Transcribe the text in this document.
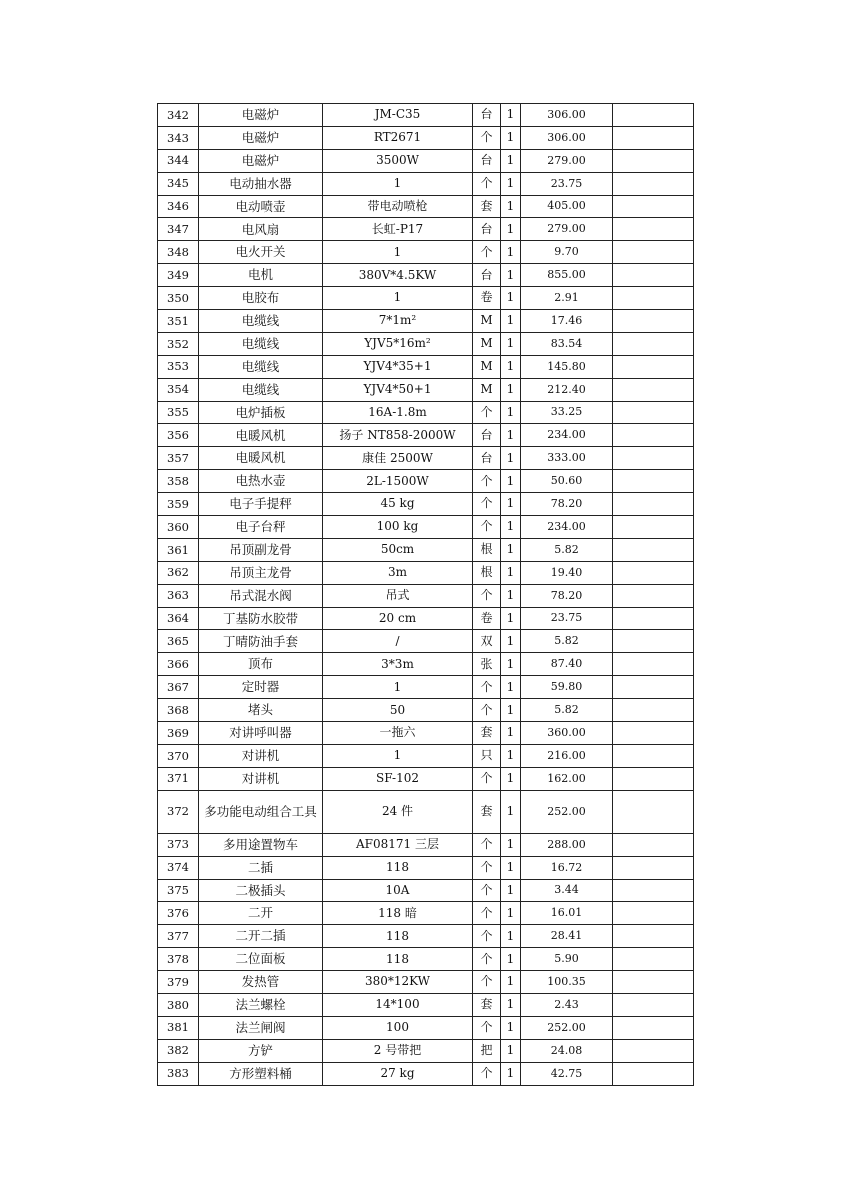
342	电磁炉	JM-C35	台	1	306.00	
343	电磁炉	RT2671	个	1	306.00	
344	电磁炉	3500W	台	1	279.00	
345	电动抽水器	1	个	1	23.75	
346	电动喷壶	带电动喷枪	套	1	405.00	
347	电风扇	长虹-P17	台	1	279.00	
348	电火开关	1	个	1	9.70	
349	电机	380V*4.5KW	台	1	855.00	
350	电胶布	1	卷	1	2.91	
351	电缆线	7*1m²	M	1	17.46	
352	电缆线	YJV5*16m²	M	1	83.54	
353	电缆线	YJV4*35+1	M	1	145.80	
354	电缆线	YJV4*50+1	M	1	212.40	
355	电炉插板	16A-1.8m	个	1	33.25	
356	电暖风机	扬子 NT858-2000W	台	1	234.00	
357	电暖风机	康佳 2500W	台	1	333.00	
358	电热水壶	2L-1500W	个	1	50.60	
359	电子手提秤	45 kg	个	1	78.20	
360	电子台秤	100 kg	个	1	234.00	
361	吊顶副龙骨	50cm	根	1	5.82	
362	吊顶主龙骨	3m	根	1	19.40	
363	吊式混水阀	吊式	个	1	78.20	
364	丁基防水胶带	20 cm	卷	1	23.75	
365	丁晴防油手套	/	双	1	5.82	
366	顶布	3*3m	张	1	87.40	
367	定时器	1	个	1	59.80	
368	堵头	50	个	1	5.82	
369	对讲呼叫器	一拖六	套	1	360.00	
370	对讲机	1	只	1	216.00	
371	对讲机	SF-102	个	1	162.00	
372	多功能电动组合工具	24 件	套	1	252.00	
373	多用途置物车	AF08171 三层	个	1	288.00	
374	二插	118	个	1	16.72	
375	二极插头	10A	个	1	3.44	
376	二开	118 暗	个	1	16.01	
377	二开二插	118	个	1	28.41	
378	二位面板	118	个	1	5.90	
379	发热管	380*12KW	个	1	100.35	
380	法兰螺栓	14*100	套	1	2.43	
381	法兰闸阀	100	个	1	252.00	
382	方铲	2 号带把	把	1	24.08	
383	方形塑料桶	27 kg	个	1	42.75	
